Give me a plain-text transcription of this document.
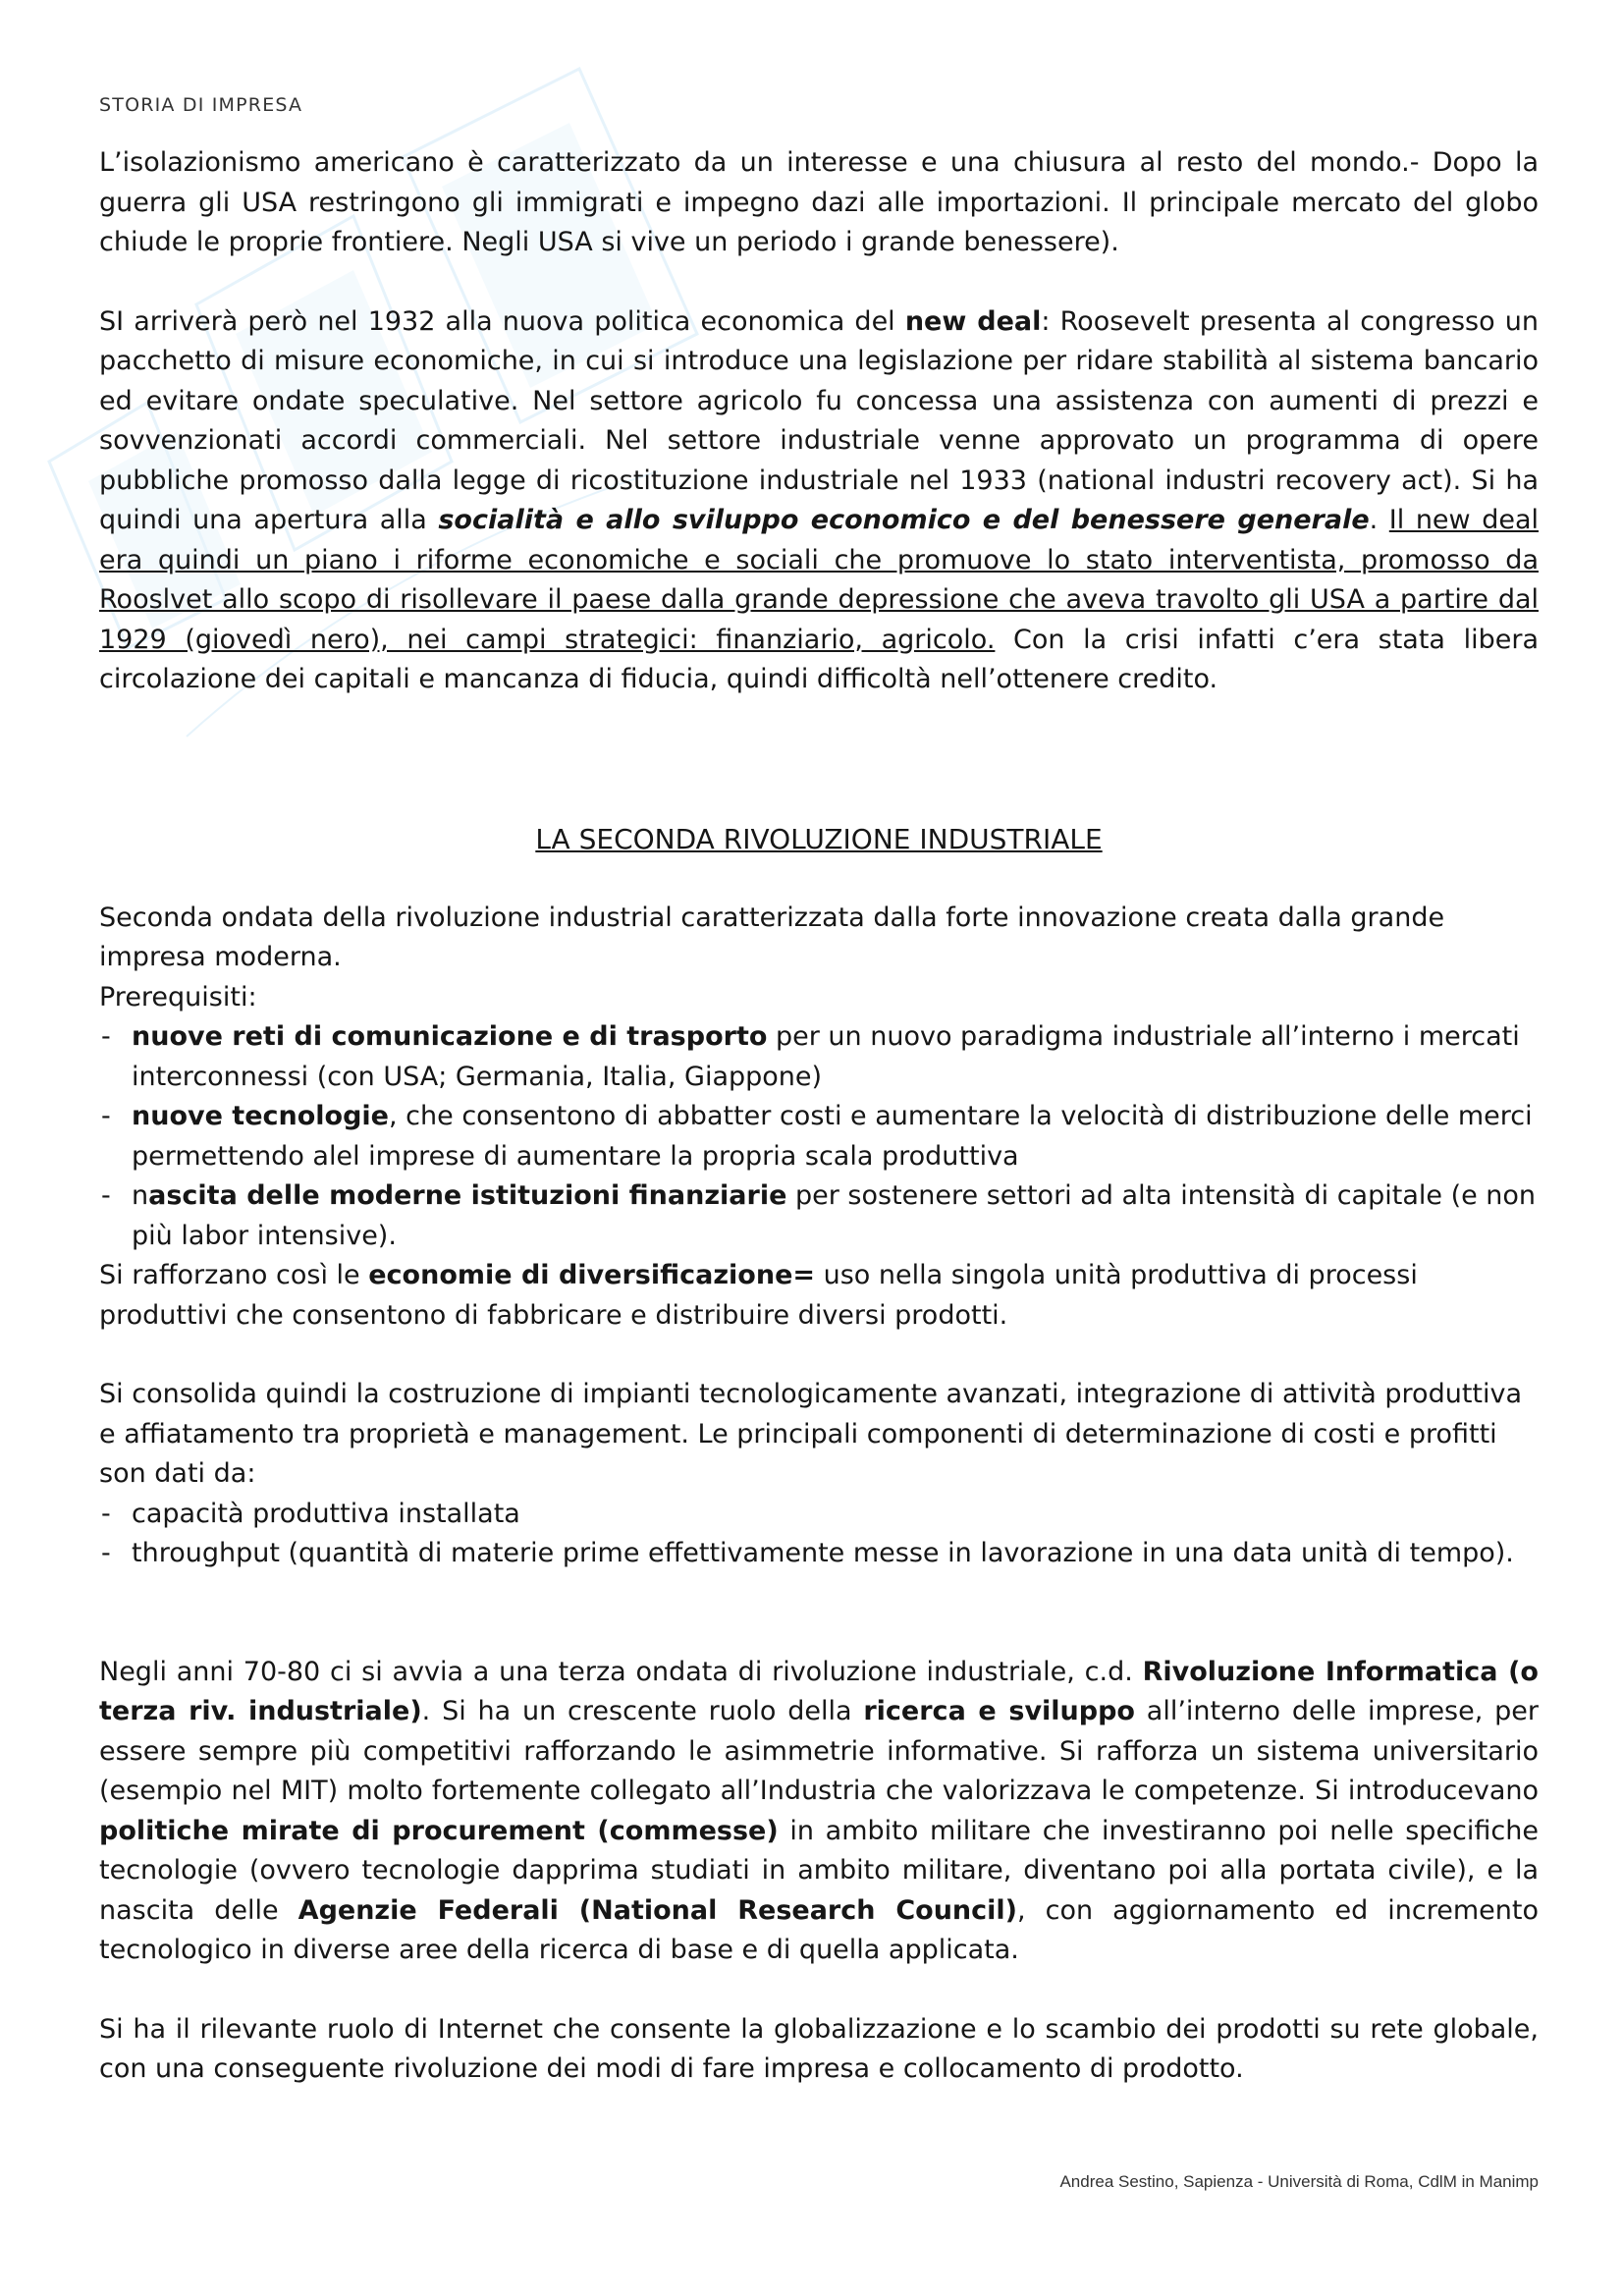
STORIA DI IMPRESA

L’isolazionismo americano è caratterizzato da un interesse e una chiusura al resto del mondo.- Dopo la guerra gli USA restringono gli immigrati e impegno dazi alle importazioni. Il principale mercato del globo chiude le proprie frontiere. Negli USA si vive un periodo i grande benessere).

SI arriverà però nel 1932 alla nuova politica economica del new deal: Roosevelt presenta al congresso un pacchetto di misure economiche, in cui si introduce una legislazione per ridare stabilità al sistema bancario ed evitare ondate speculative. Nel settore agricolo fu concessa una assistenza con aumenti di prezzi e sovvenzionati accordi commerciali. Nel settore industriale venne approvato un programma di opere pubbliche promosso dalla legge di ricostituzione industriale nel 1933 (national industri recovery act). Si ha quindi una apertura alla socialità e allo sviluppo economico e del benessere generale. Il new deal era quindi un piano i riforme economiche e sociali che promuove lo stato interventista, promosso da Rooslvet allo scopo di risollevare il paese dalla grande depressione che aveva travolto gli USA a partire dal 1929 (giovedì nero), nei campi strategici: finanziario, agricolo. Con la crisi infatti c’era stata libera circolazione dei capitali e mancanza di fiducia, quindi difficoltà nell’ottenere credito.

LA SECONDA RIVOLUZIONE INDUSTRIALE

Seconda ondata della rivoluzione industrial caratterizzata dalla forte innovazione creata dalla grande impresa moderna.

Prerequisiti:

- nuove reti di comunicazione e di trasporto per un nuovo paradigma industriale all’interno i mercati interconnessi (con USA; Germania, Italia, Giappone)
- nuove tecnologie, che consentono di abbatter costi e aumentare la velocità di distribuzione delle merci permettendo alel imprese di aumentare la propria scala produttiva
- nascita delle moderne istituzioni finanziarie per sostenere settori ad alta intensità di capitale (e non più labor intensive).

Si rafforzano così le economie di diversificazione= uso nella singola unità produttiva di processi produttivi che consentono di fabbricare e distribuire diversi prodotti.

Si consolida quindi la costruzione di impianti tecnologicamente avanzati, integrazione di attività produttiva e affiatamento tra proprietà e management. Le principali componenti di determinazione di costi e profitti son dati da:

- capacità produttiva installata
- throughput (quantità di materie prime effettivamente messe in lavorazione in una data unità di tempo).

Negli anni 70-80 ci si avvia a una terza ondata di rivoluzione industriale, c.d. Rivoluzione Informatica (o terza riv. industriale). Si ha un crescente ruolo della ricerca e sviluppo all’interno delle imprese, per essere sempre più competitivi rafforzando le asimmetrie informative. Si rafforza un sistema universitario (esempio nel MIT) molto fortemente collegato all’Industria che valorizzava le competenze. Si introducevano politiche mirate di procurement (commesse) in ambito militare che investiranno poi nelle specifiche tecnologie (ovvero tecnologie dapprima studiati in ambito militare, diventano poi alla portata civile), e la nascita delle Agenzie Federali (National Research Council), con aggiornamento ed incremento tecnologico in diverse aree della ricerca di base e di quella applicata.

Si ha il rilevante ruolo di Internet che consente la globalizzazione e lo scambio dei prodotti su rete globale, con una conseguente rivoluzione dei modi di fare impresa e collocamento di prodotto.

Andrea Sestino, Sapienza - Università di Roma, CdlM in Manimp
